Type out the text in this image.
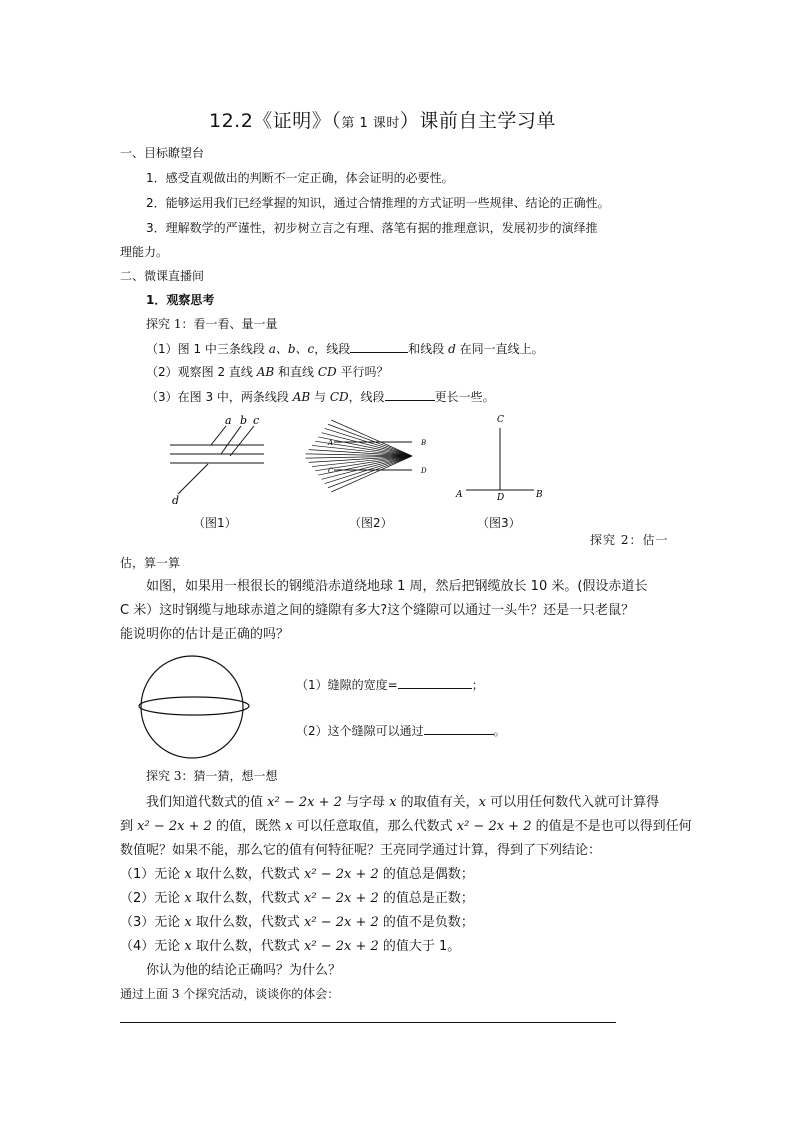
12.2《证明》（第 1 课时）课前自主学习单
一、目标瞭望台
1．感受直观做出的判断不一定正确，体会证明的必要性。
2．能够运用我们已经掌握的知识，通过合情推理的方式证明一些规律、结论的正确性。
3．理解数学的严谨性，初步树立言之有理、落笔有据的推理意识，发展初步的演绎推
理能力。
二、微课直播间
1．观察思考
探究 1：看一看、量一量
（1）图 1 中三条线段 a、b、c，线段	和线段 d 在同一直线上。
（2）观察图 2 直线 AB 和直线 CD 平行吗？
（3）在图 3 中，两条线段 AB 与 CD，线段	更长一些。
a b c
d
（图1）
A	B
C	D
（图2）
C
A	D	B
（图3）
探究 2：估一
估，算一算
如图，如果用一根很长的钢缆沿赤道绕地球 1 周，然后把钢缆放长 10 米。(假设赤道长
C 米）这时钢缆与地球赤道之间的缝隙有多大?这个缝隙可以通过一头牛？还是一只老鼠？
能说明你的估计是正确的吗？
（1）缝隙的宽度=	；
（2）这个缝隙可以通过	。
探究 3：猜一猜，想一想
我们知道代数式的值 x² − 2x + 2 与字母 x 的取值有关，x 可以用任何数代入就可计算得
到 x² − 2x + 2 的值，既然 x 可以任意取值，那么代数式 x² − 2x + 2 的值是不是也可以得到任何
数值呢？如果不能，那么它的值有何特征呢？王亮同学通过计算，得到了下列结论：
（1）无论 x 取什么数，代数式 x² − 2x + 2 的值总是偶数；
（2）无论 x 取什么数，代数式 x² − 2x + 2 的值总是正数；
（3）无论 x 取什么数，代数式 x² − 2x + 2 的值不是负数；
（4）无论 x 取什么数，代数式 x² − 2x + 2 的值大于 1。
你认为他的结论正确吗？为什么？
通过上面 3 个探究活动，谈谈你的体会：
